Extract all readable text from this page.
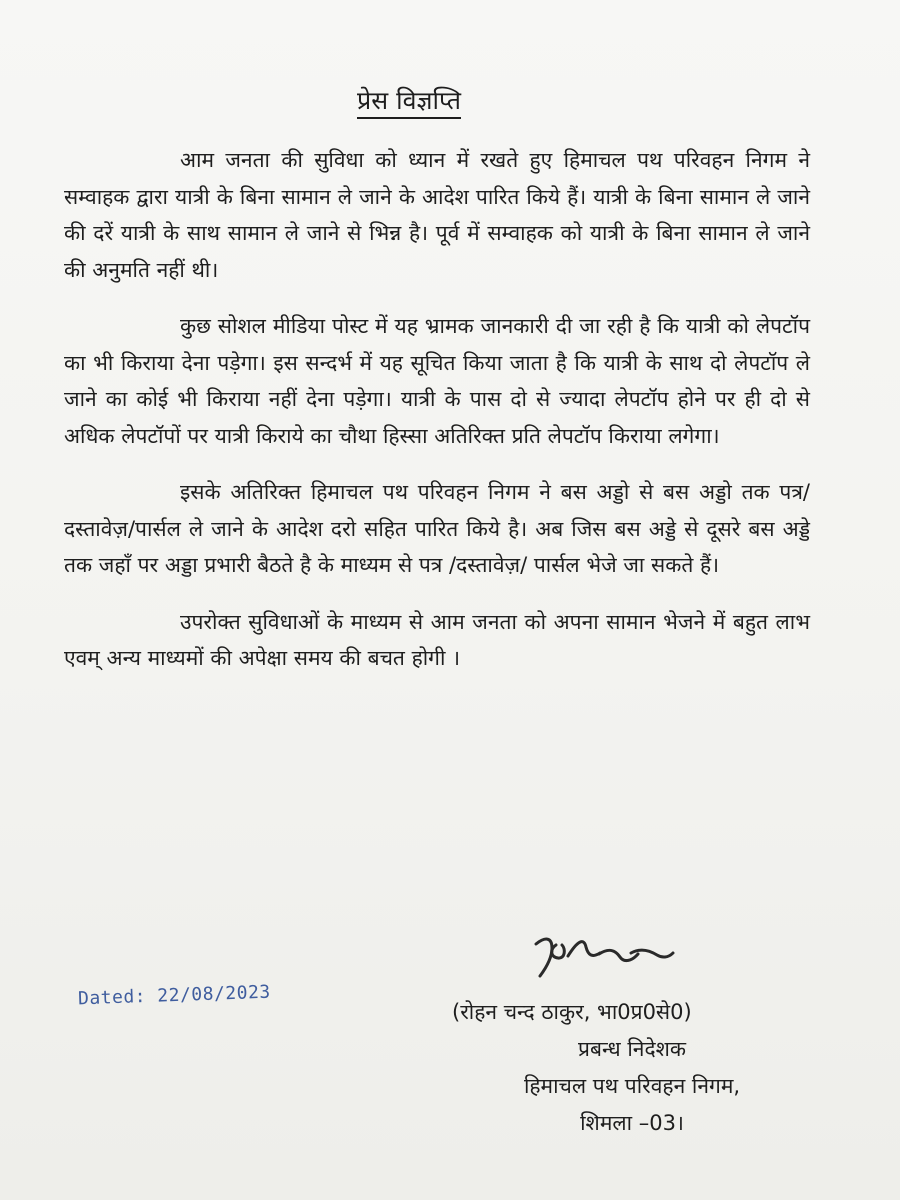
प्रेस विज्ञप्ति

आम जनता की सुविधा को ध्यान में रखते हुए हिमाचल पथ परिवहन निगम ने सम्वाहक द्वारा यात्री के बिना सामान ले जाने के आदेश पारित किये हैं। यात्री के बिना सामान ले जाने की दरें यात्री के साथ सामान ले जाने से भिन्न है। पूर्व में सम्वाहक को यात्री के बिना सामान ले जाने की अनुमति नहीं थी।

कुछ सोशल मीडिया पोस्ट में यह भ्रामक जानकारी दी जा रही है कि यात्री को लेपटॉप का भी किराया देना पड़ेगा। इस सन्दर्भ में यह सूचित किया जाता है कि यात्री के साथ दो लेपटॉप ले जाने का कोई भी किराया नहीं देना पड़ेगा। यात्री के पास दो से ज्यादा लेपटॉप होने पर ही दो से अधिक लेपटॉपों पर यात्री किराये का चौथा हिस्सा अतिरिक्त प्रति लेपटॉप किराया लगेगा।

इसके अतिरिक्त हिमाचल पथ परिवहन निगम ने बस अड्डो से बस अड्डो तक पत्र/दस्तावेज़/पार्सल ले जाने के आदेश दरो सहित पारित किये है। अब जिस बस अड्डे से दूसरे बस अड्डे तक जहाँ पर अड्डा प्रभारी बैठते है के माध्यम से पत्र /दस्तावेज़/ पार्सल भेजे जा सकते हैं।

उपरोक्त सुविधाओं के माध्यम से आम जनता को अपना सामान भेजने में बहुत लाभ एवम् अन्य माध्यमों की अपेक्षा समय की बचत होगी ।

Dated: 22/08/2023
(रोहन चन्द ठाकुर, भा0प्र0से0)
प्रबन्ध निदेशक
हिमाचल पथ परिवहन निगम,
शिमला –03।
